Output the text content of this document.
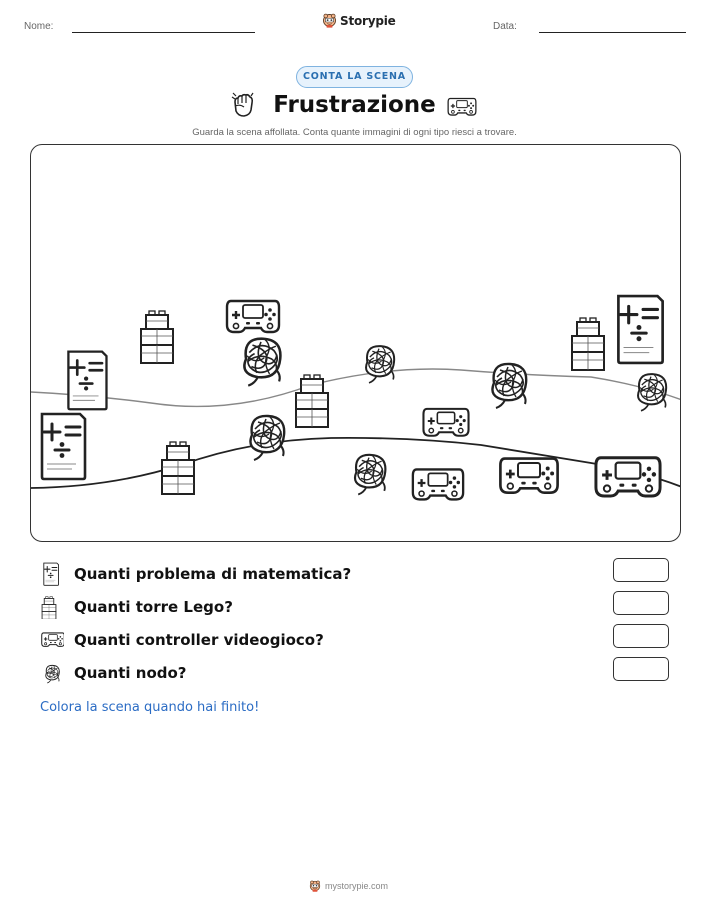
Nome:	Storypie	Data:
CONTA LA SCENA
Frustrazione
Guarda la scena affollata. Conta quante immagini di ogni tipo riesci a trovare.
Quanti problema di matematica?
Quanti torre Lego?
Quanti controller videogioco?
Quanti nodo?
Colora la scena quando hai finito!
mystorypie.com
